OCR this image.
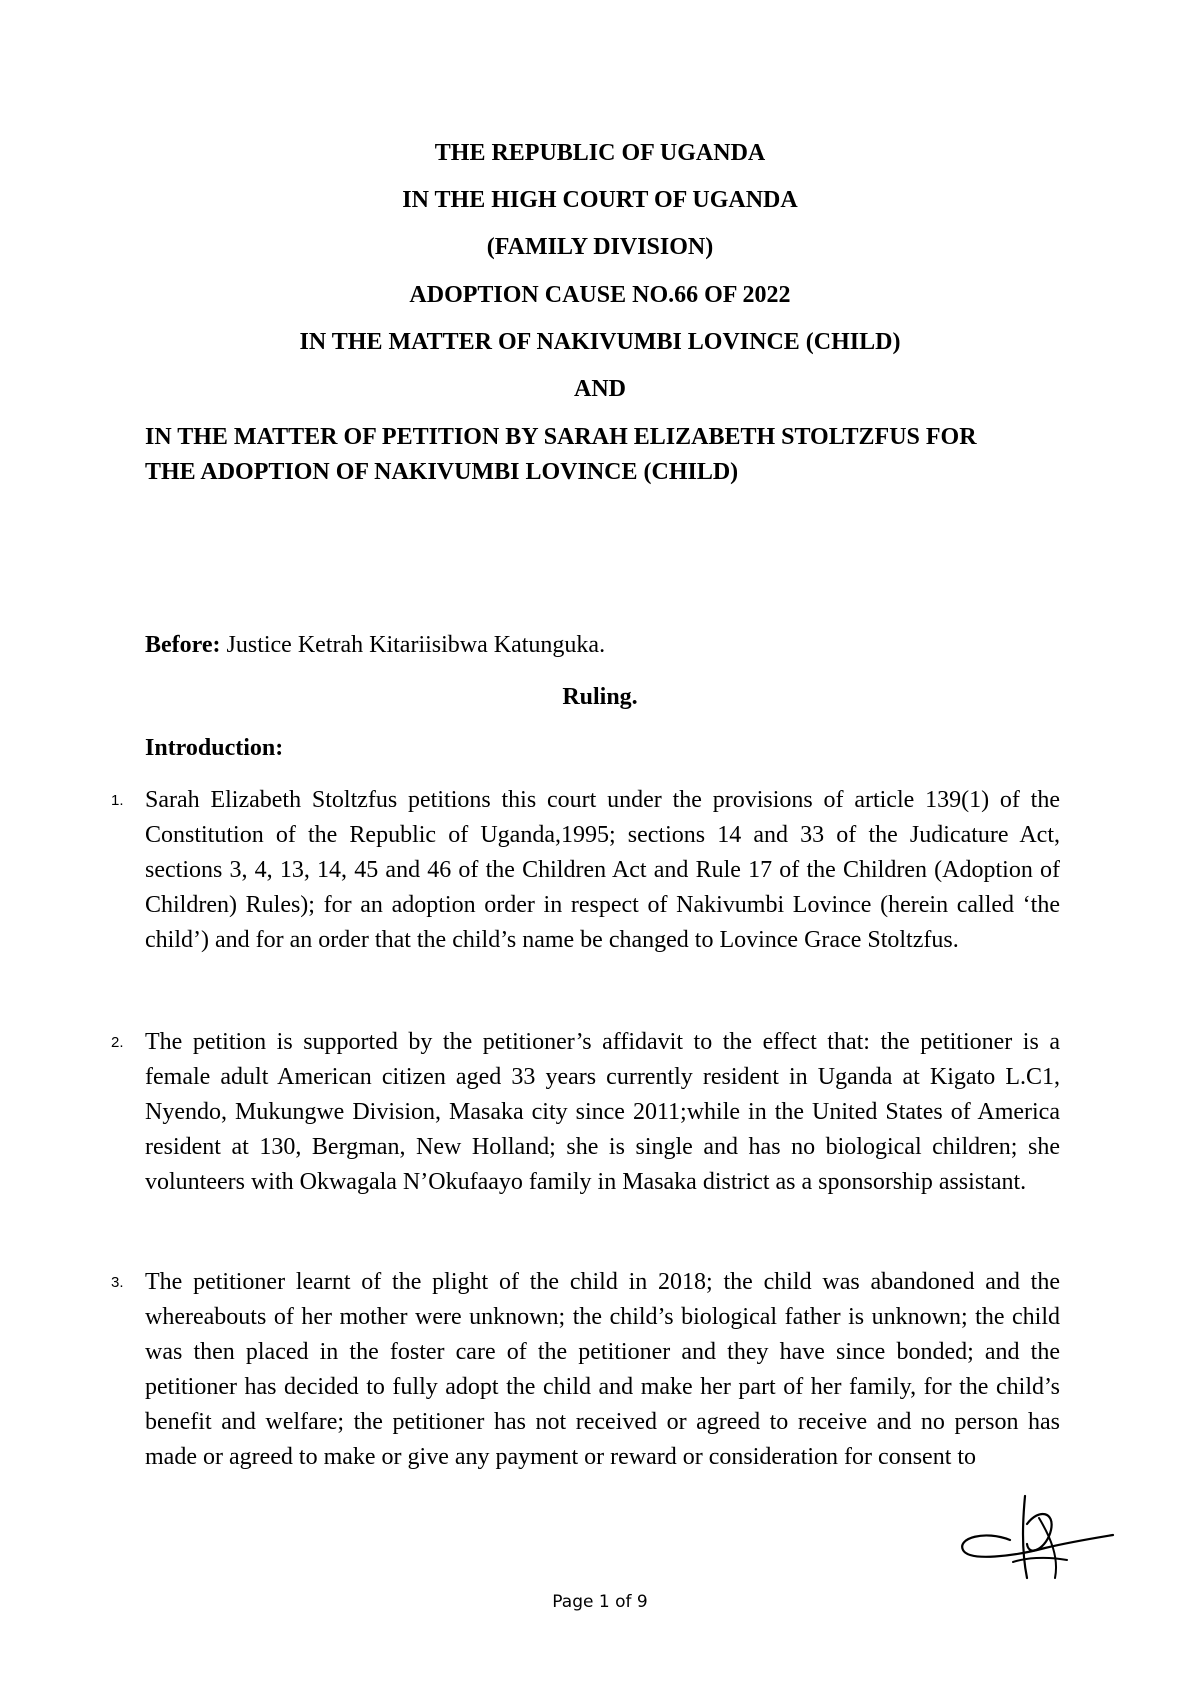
THE REPUBLIC OF UGANDA
IN THE HIGH COURT OF UGANDA
(FAMILY DIVISION)
ADOPTION CAUSE NO.66 OF 2022
IN THE MATTER OF NAKIVUMBI LOVINCE (CHILD)
AND
IN THE MATTER OF PETITION BY SARAH ELIZABETH STOLTZFUS FOR THE ADOPTION OF NAKIVUMBI LOVINCE (CHILD)
Before: Justice Ketrah Kitariisibwa Katunguka.
Ruling.
Introduction:
1. Sarah Elizabeth Stoltzfus petitions this court under the provisions of article 139(1) of the Constitution of the Republic of Uganda,1995; sections 14 and 33 of the Judicature Act, sections 3, 4, 13, 14, 45 and 46 of the Children Act and Rule 17 of the Children (Adoption of Children) Rules); for an adoption order in respect of Nakivumbi Lovince (herein called ‘the child’) and for an order that the child’s name be changed to Lovince Grace Stoltzfus.
2. The petition is supported by the petitioner’s affidavit to the effect that: the petitioner is a female adult American citizen aged 33 years currently resident in Uganda at Kigato L.C1, Nyendo, Mukungwe Division, Masaka city since 2011;while in the United States of America resident at 130, Bergman, New Holland; she is single and has no biological children; she volunteers with Okwagala N’Okufaayo family in Masaka district as a sponsorship assistant.
3. The petitioner learnt of the plight of the child in 2018; the child was abandoned and the whereabouts of her mother were unknown; the child’s biological father is unknown; the child was then placed in the foster care of the petitioner and they have since bonded; and the petitioner has decided to fully adopt the child and make her part of her family, for the child’s benefit and welfare; the petitioner has not received or agreed to receive and no person has made or agreed to make or give any payment or reward or consideration for consent to
Page 1 of 9
